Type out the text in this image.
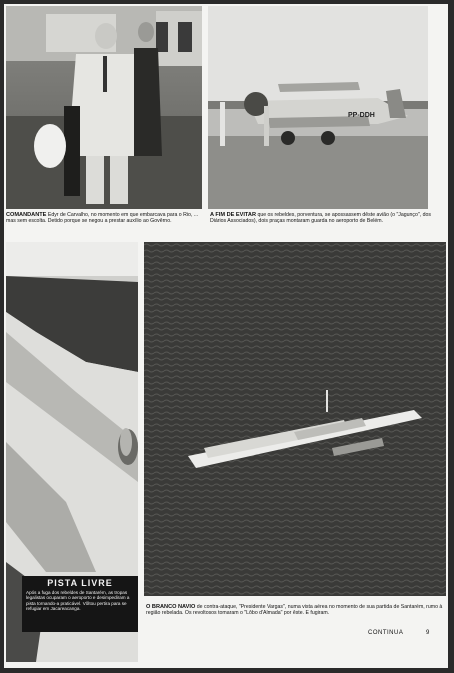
PP-DDH
COMANDANTE Edyr de Carvalho, no momento em que embarcava para o Rio, ... mas sem escolta. Detido porque se negou a prestar auxílio ao Govêrno.
A FIM DE EVITAR que os rebeldes, porventura, se apossassem dêste avião (o "Jagunço", dos Diários Associados), dois praças montaram guarda no aeroporto de Belém.
PISTA LIVRE
Após a fuga dos rebeldes de Santarém, as tropas legalistas ocuparam o aeroporto e desimpediram a pista tornando-a praticável. Vôltou pertira para se refugiar em Jacareacanga.	O BRANCO NAVIO de contra-ataque, "Presidente Vargas", numa vista aérea no momento de sua partida de Santarém, rumo à região rebelada. Os revoltosos tomaram o "Lôbo d'Almada" por êste. E fugiram.
CONTINUA	9
